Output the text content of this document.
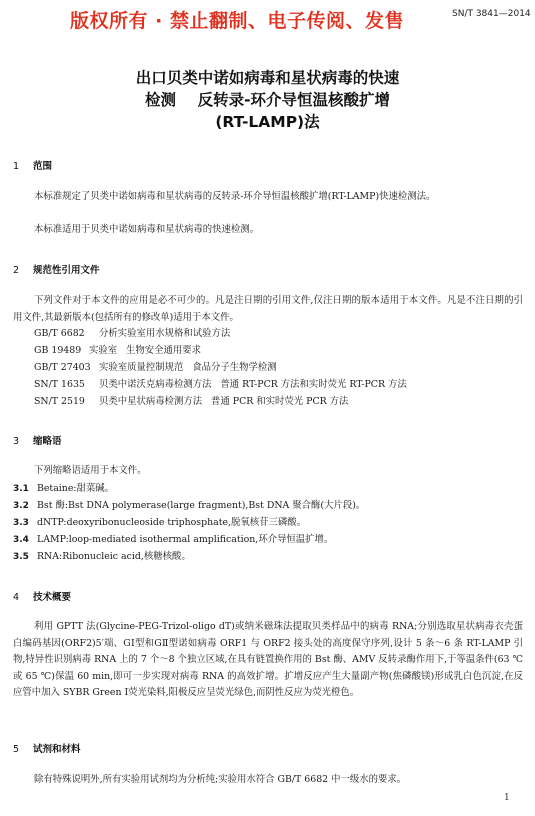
版权所有 · 禁止翻制、电子传阅、发售	SN/T 3841—2014
出口贝类中诺如病毒和星状病毒的快速
检测    反转录-环介导恒温核酸扩增
(RT-LAMP)法
1 范围
本标准规定了贝类中诺如病毒和星状病毒的反转录-环介导恒温核酸扩增(RT-LAMP)快速检测法。
本标准适用于贝类中诺如病毒和星状病毒的快速检测。
2 规范性引用文件
下列文件对于本文件的应用是必不可少的。凡是注日期的引用文件,仅注日期的版本适用于本文件。凡是不注日期的引用文件,其最新版本(包括所有的修改单)适用于本文件。
GB/T 6682 分析实验室用水规格和试验方法
GB 19489 实验室   生物安全通用要求
GB/T 27403 实验室质量控制规范   食品分子生物学检测
SN/T 1635 贝类中诺沃克病毒检测方法   普通 RT-PCR 方法和实时荧光 RT-PCR 方法
SN/T 2519 贝类中星状病毒检测方法   普通 PCR 和实时荧光 PCR 方法
3 缩略语
下列缩略语适用于本文件。
3.1 Betaine:甜菜碱。
3.2 Bst 酶:Bst DNA polymerase(large fragment),Bst DNA 聚合酶(大片段)。
3.3 dNTP:deoxyribonucleoside triphosphate,脱氧核苷三磷酸。
3.4 LAMP:loop-mediated isothermal amplification,环介导恒温扩增。
3.5 RNA:Ribonucleic acid,核糖核酸。
4 技术概要
利用 GPTT 法(Glycine-PEG-Trizol-oligo dT)或纳米磁珠法提取贝类样品中的病毒 RNA;分别选取星状病毒衣壳蛋白编码基因(ORF2)5′端、GⅠ型和GⅡ型诺如病毒 ORF1 与 ORF2 接头处的高度保守序列,设计 5 条～6 条 RT-LAMP 引物,特异性识别病毒 RNA 上的 7 个～8 个独立区域,在具有链置换作用的 Bst 酶、AMV 反转录酶作用下,于等温条件(63 ℃或 65 ℃)保温 60 min,即可一步实现对病毒 RNA 的高效扩增。扩增反应产生大量副产物(焦磷酸镁)形成乳白色沉淀,在反应管中加入 SYBR Green Ⅰ荧光染料,阳极反应呈荧光绿色,而阴性反应为荧光橙色。
5 试剂和材料
除有特殊说明外,所有实验用试剂均为分析纯;实验用水符合 GB/T 6682 中一级水的要求。
1
